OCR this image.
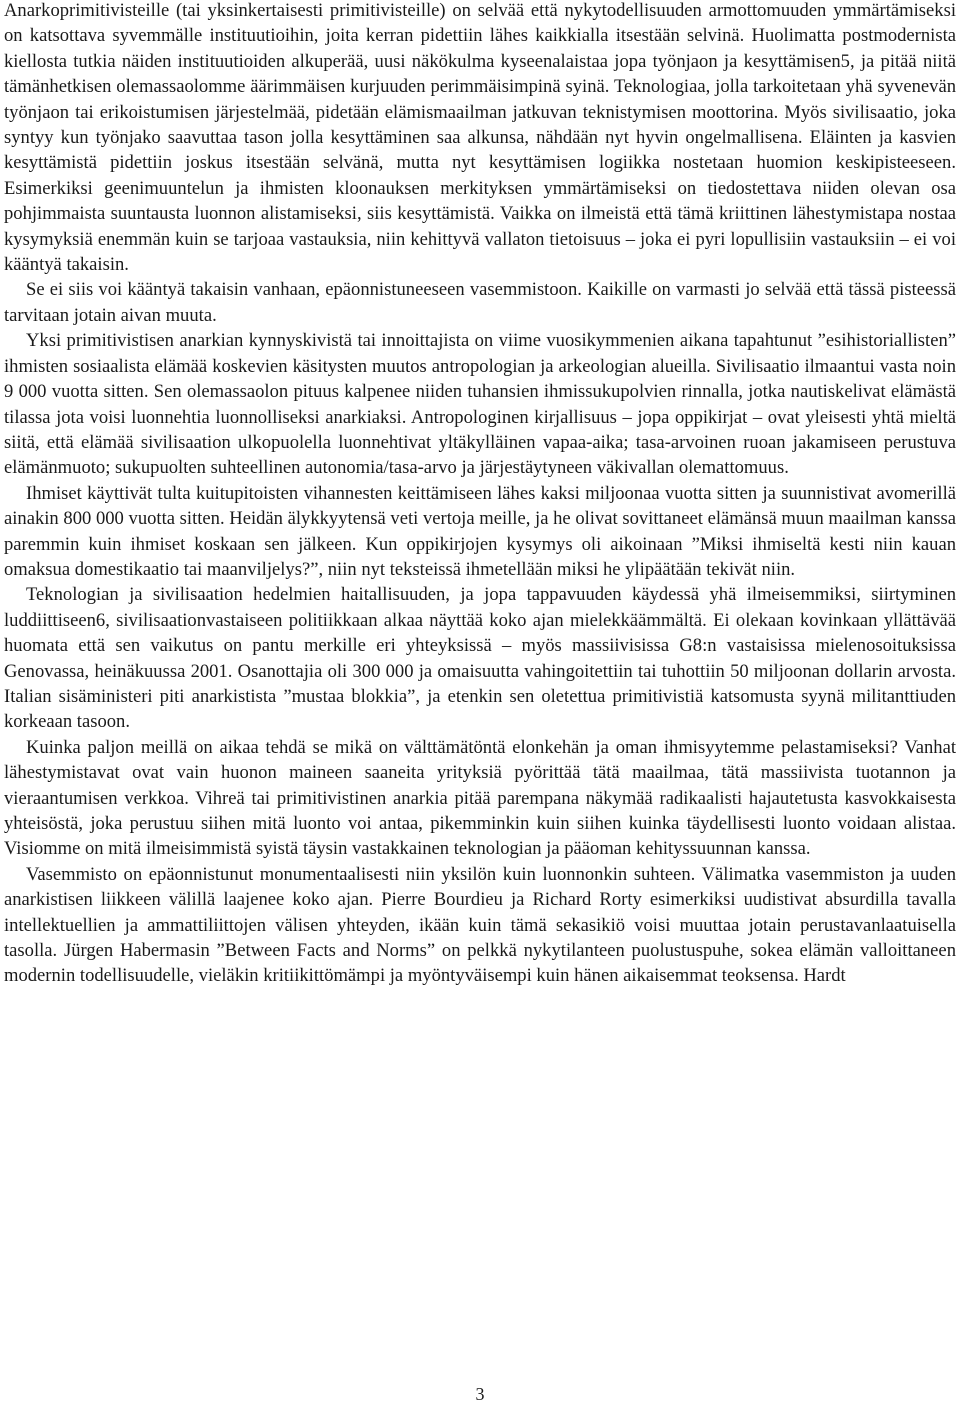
Anarkoprimitivisteille (tai yksinkertaisesti primitivisteille) on selvää että nykytodellisuuden armottomuuden ymmärtämiseksi on katsottava syvemmälle instituutioihin, joita kerran pidettiin lähes kaikkialla itsestään selvinä. Huolimatta postmodernista kiellosta tutkia näiden instituutioiden alkuperää, uusi näkökulma kyseenalaistaa jopa työnjaon ja kesyttämisen5, ja pitää niitä tämänhetkisen olemassaolomme äärimmäisen kurjuuden perimmäisimpinä syinä. Teknologiaa, jolla tarkoitetaan yhä syvenevän työnjaon tai erikoistumisen järjestelmää, pidetään elämismaailman jatkuvan teknistymisen moottorina. Myös sivilisaatio, joka syntyy kun työnjako saavuttaa tason jolla kesyttäminen saa alkunsa, nähdään nyt hyvin ongelmallisena. Eläinten ja kasvien kesyttämistä pidettiin joskus itsestään selvänä, mutta nyt kesyttämisen logiikka nostetaan huomion keskipisteeseen. Esimerkiksi geenimuuntelun ja ihmisten kloonauksen merkityksen ymmärtämiseksi on tiedostettava niiden olevan osa pohjimmaista suuntausta luonnon alistamiseksi, siis kesyttämistä. Vaikka on ilmeistä että tämä kriittinen lähestymistapa nostaa kysymyksiä enemmän kuin se tarjoaa vastauksia, niin kehittyvä vallaton tietoisuus – joka ei pyri lopullisiin vastauksiin – ei voi kääntyä takaisin.

Se ei siis voi kääntyä takaisin vanhaan, epäonnistuneeseen vasemmistoon. Kaikille on varmasti jo selvää että tässä pisteessä tarvitaan jotain aivan muuta.

Yksi primitivistisen anarkian kynnyskivistä tai innoittajista on viime vuosikymmenien aikana tapahtunut ”esihistoriallisten” ihmisten sosiaalista elämää koskevien käsitysten muutos antropologian ja arkeologian alueilla. Sivilisaatio ilmaantui vasta noin 9 000 vuotta sitten. Sen olemassaolon pituus kalpenee niiden tuhansien ihmissukupolvien rinnalla, jotka nautiskelivat elämästä tilassa jota voisi luonnehtia luonnolliseksi anarkiaksi. Antropologinen kirjallisuus – jopa oppikirjat – ovat yleisesti yhtä mieltä siitä, että elämää sivilisaation ulkopuolella luonnehtivat yltäkylläinen vapaa-aika; tasa-arvoinen ruoan jakamiseen perustuva elämänmuoto; sukupuolten suhteellinen autonomia/tasa-arvo ja järjestäytyneen väkivallan olemattomuus.

Ihmiset käyttivät tulta kuitupitoisten vihannesten keittämiseen lähes kaksi miljoonaa vuotta sitten ja suunnistivat avomerillä ainakin 800 000 vuotta sitten. Heidän älykkyytensä veti vertoja meille, ja he olivat sovittaneet elämänsä muun maailman kanssa paremmin kuin ihmiset koskaan sen jälkeen. Kun oppikirjojen kysymys oli aikoinaan ”Miksi ihmiseltä kesti niin kauan omaksua domestikaatio tai maanviljelys?”, niin nyt teksteissä ihmetellään miksi he ylipäätään tekivät niin.

Teknologian ja sivilisaation hedelmien haitallisuuden, ja jopa tappavuuden käydessä yhä ilmeisemmiksi, siirtyminen luddiittiseen6, sivilisaationvastaiseen politiikkaan alkaa näyttää koko ajan mielekkäämmältä. Ei olekaan kovinkaan yllättävää huomata että sen vaikutus on pantu merkille eri yhteyksissä – myös massiivisissa G8:n vastaisissa mielenosoituksissa Genovassa, heinäkuussa 2001. Osanottajia oli 300 000 ja omaisuutta vahingoitettiin tai tuhottiin 50 miljoonan dollarin arvosta. Italian sisäministeri piti anarkistista ”mustaa blokkia”, ja etenkin sen oletettua primitivistiä katsomusta syynä militanttiuden korkeaan tasoon.

Kuinka paljon meillä on aikaa tehdä se mikä on välttämätöntä elonkehän ja oman ihmisyytemme pelastamiseksi? Vanhat lähestymistavat ovat vain huonon maineen saaneita yrityksiä pyörittää tätä maailmaa, tätä massiivista tuotannon ja vieraantumisen verkkoa. Vihreä tai primitivistinen anarkia pitää parempana näkymää radikaalisti hajautetusta kasvokkaisesta yhteisöstä, joka perustuu siihen mitä luonto voi antaa, pikemminkin kuin siihen kuinka täydellisesti luonto voidaan alistaa. Visiomme on mitä ilmeisimmistä syistä täysin vastakkainen teknologian ja pääoman kehityssuunnan kanssa.

Vasemmisto on epäonnistunut monumentaalisesti niin yksilön kuin luonnonkin suhteen. Välimatka vasemmiston ja uuden anarkistisen liikkeen välillä laajenee koko ajan. Pierre Bourdieu ja Richard Rorty esimerkiksi uudistivat absurdilla tavalla intellektuellien ja ammattiliittojen välisen yhteyden, ikään kuin tämä sekasikiö voisi muuttaa jotain perustavanlaatuisella tasolla. Jürgen Habermasin ”Between Facts and Norms” on pelkkä nykytilanteen puolustuspuhe, sokea elämän valloittaneen modernin todellisuudelle, vieläkin kritiikittömämpi ja myöntyväisempi kuin hänen aikaisemmat teoksensa. Hardt

3
